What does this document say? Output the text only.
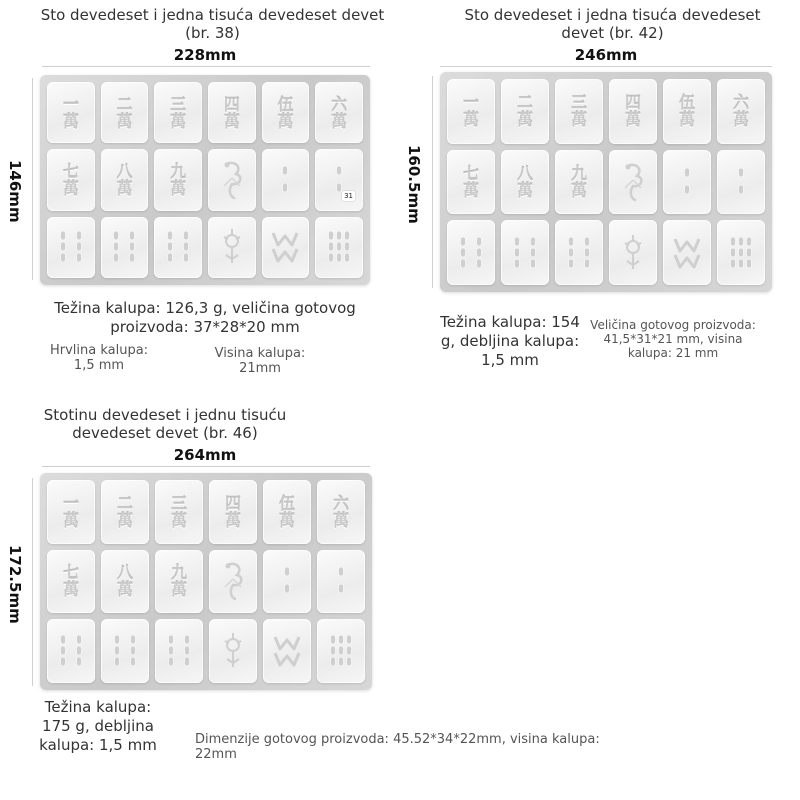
Sto devedeset i jedna tisuća devedeset devet (br. 38)
228mm
146mm
一
萬
二
萬
三
萬
四
萬
伍
萬
六
萬
七
萬
八
萬
九
萬	31
Težina kalupa: 126,3 g, veličina gotovog proizvoda: 37*28*20 mm
Hrvlina kalupa: 1,5 mm
Visina kalupa: 21mm
Sto devedeset i jedna tisuća devedeset devet (br. 42)
246mm
160.5mm
一
萬
二
萬
三
萬
四
萬
伍
萬
六
萬
七
萬
八
萬
九
萬
Težina kalupa: 154 g, debljina kalupa: 1,5 mm
Veličina gotovog proizvoda: 41,5*31*21 mm, visina kalupa: 21 mm
Stotinu devedeset i jednu tisuću devedeset devet (br. 46)
264mm
172.5mm
一
萬
二
萬
三
萬
四
萬
伍
萬
六
萬
七
萬
八
萬
九
萬
Težina kalupa: 175 g, debljina kalupa: 1,5 mm	Dimenzije gotovog proizvoda: 45.52*34*22mm, visina kalupa: 22mm
